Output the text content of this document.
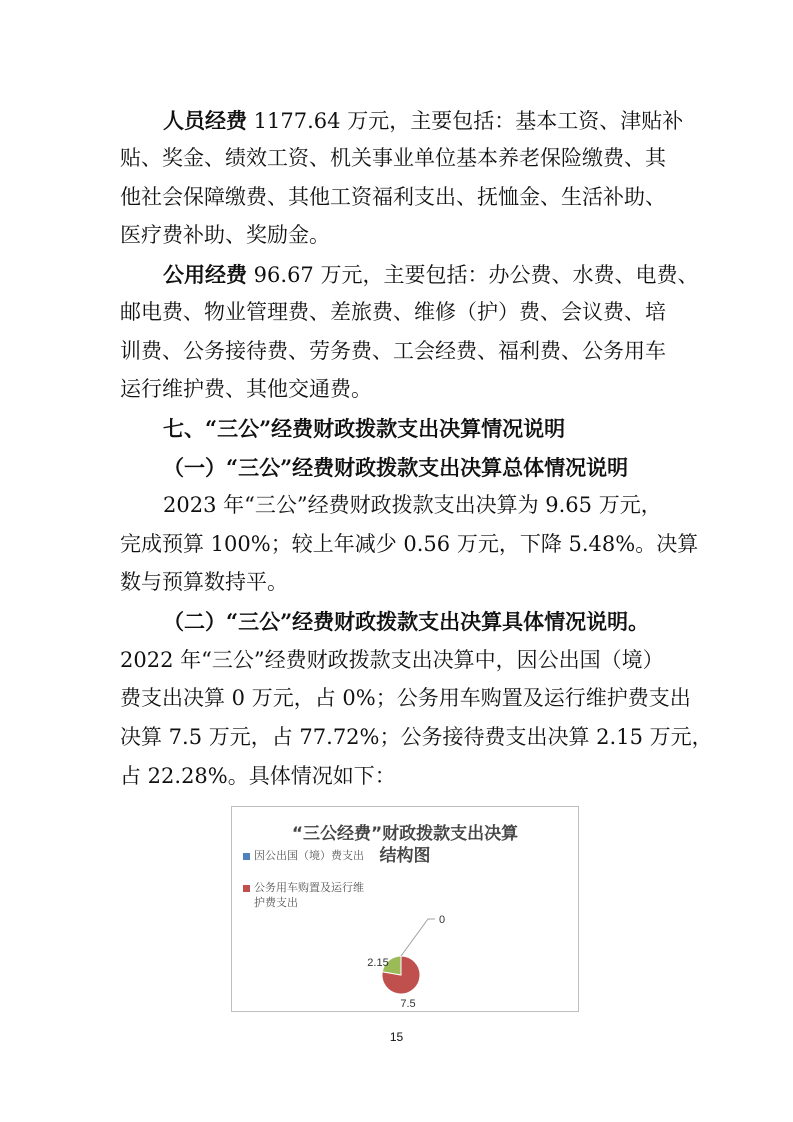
人员经费 1177.64 万元，主要包括：基本工资、津贴补
贴、奖金、绩效工资、机关事业单位基本养老保险缴费、其
他社会保障缴费、其他工资福利支出、抚恤金、生活补助、
医疗费补助、奖励金。
公用经费 96.67 万元，主要包括：办公费、水费、电费、
邮电费、物业管理费、差旅费、维修（护）费、会议费、培
训费、公务接待费、劳务费、工会经费、福利费、公务用车
运行维护费、其他交通费。
七、“三公”经费财政拨款支出决算情况说明
（一）“三公”经费财政拨款支出决算总体情况说明
2023 年“三公”经费财政拨款支出决算为 9.65 万元，
完成预算 100%；较上年减少 0.56 万元，下降 5.48%。决算
数与预算数持平。
（二）“三公”经费财政拨款支出决算具体情况说明。
2022 年“三公”经费财政拨款支出决算中，因公出国（境）
费支出决算 0 万元，占 0%；公务用车购置及运行维护费支出
决算 7.5 万元，占 77.72%；公务接待费支出决算 2.15 万元，
占 22.28%。具体情况如下：
“三公经费”财政拨款支出决算
结构图
因公出国（境）费支出
公务用车购置及运行维
护费支出
0
7.5
2.15
15
